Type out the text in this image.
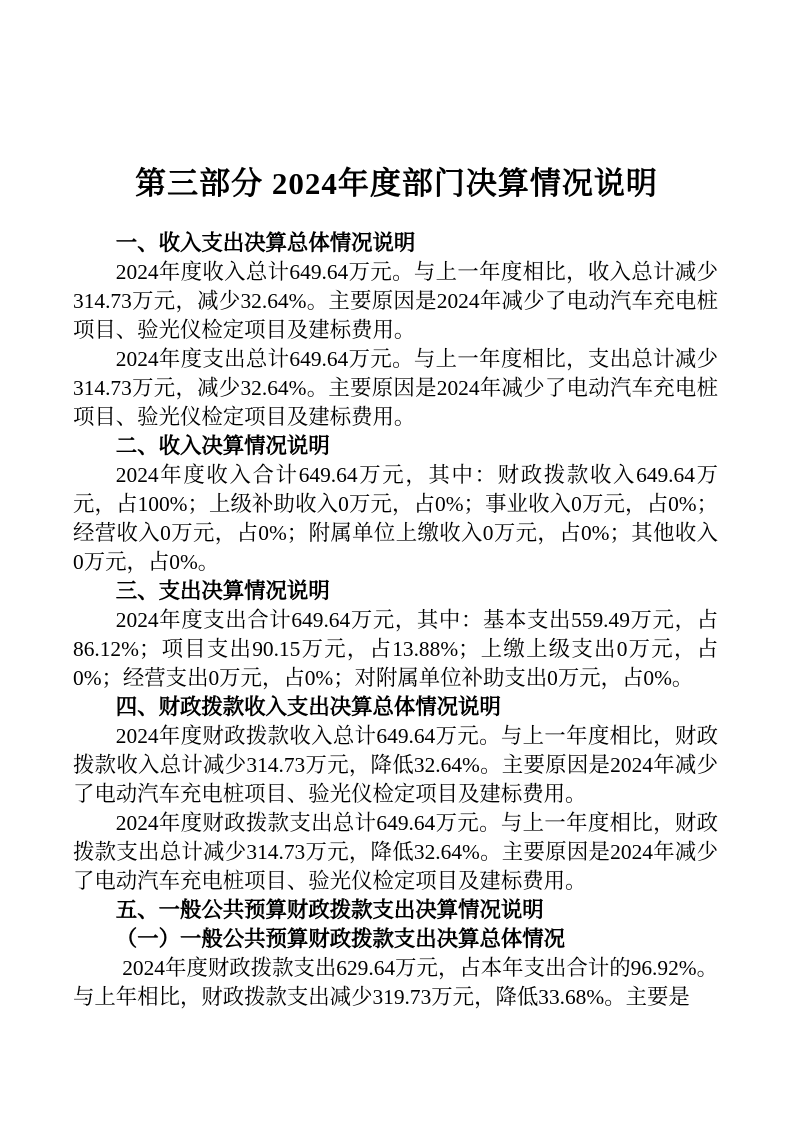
第三部分 2024年度部门决算情况说明
一、收入支出决算总体情况说明

2024年度收入总计649.64万元。与上一年度相比，收入总计减少314.73万元，减少32.64%。主要原因是2024年减少了电动汽车充电桩项目、验光仪检定项目及建标费用。

2024年度支出总计649.64万元。与上一年度相比，支出总计减少314.73万元，减少32.64%。主要原因是2024年减少了电动汽车充电桩项目、验光仪检定项目及建标费用。

二、收入决算情况说明

2024年度收入合计649.64万元，其中：财政拨款收入649.64万元，占100%；上级补助收入0万元，占0%；事业收入0万元，占0%；经营收入0万元，占0%；附属单位上缴收入0万元，占0%；其他收入0万元，占0%。

三、支出决算情况说明

2024年度支出合计649.64万元，其中：基本支出559.49万元，占86.12%；项目支出90.15万元，占13.88%；上缴上级支出0万元，占0%；经营支出0万元，占0%；对附属单位补助支出0万元，占0%。

四、财政拨款收入支出决算总体情况说明

2024年度财政拨款收入总计649.64万元。与上一年度相比，财政拨款收入总计减少314.73万元，降低32.64%。主要原因是2024年减少了电动汽车充电桩项目、验光仪检定项目及建标费用。

2024年度财政拨款支出总计649.64万元。与上一年度相比，财政拨款支出总计减少314.73万元，降低32.64%。主要原因是2024年减少了电动汽车充电桩项目、验光仪检定项目及建标费用。

五、一般公共预算财政拨款支出决算情况说明
（一）一般公共预算财政拨款支出决算总体情况

2024年度财政拨款支出629.64万元，占本年支出合计的96.92%。与上年相比，财政拨款支出减少319.73万元，降低33.68%。主要是
